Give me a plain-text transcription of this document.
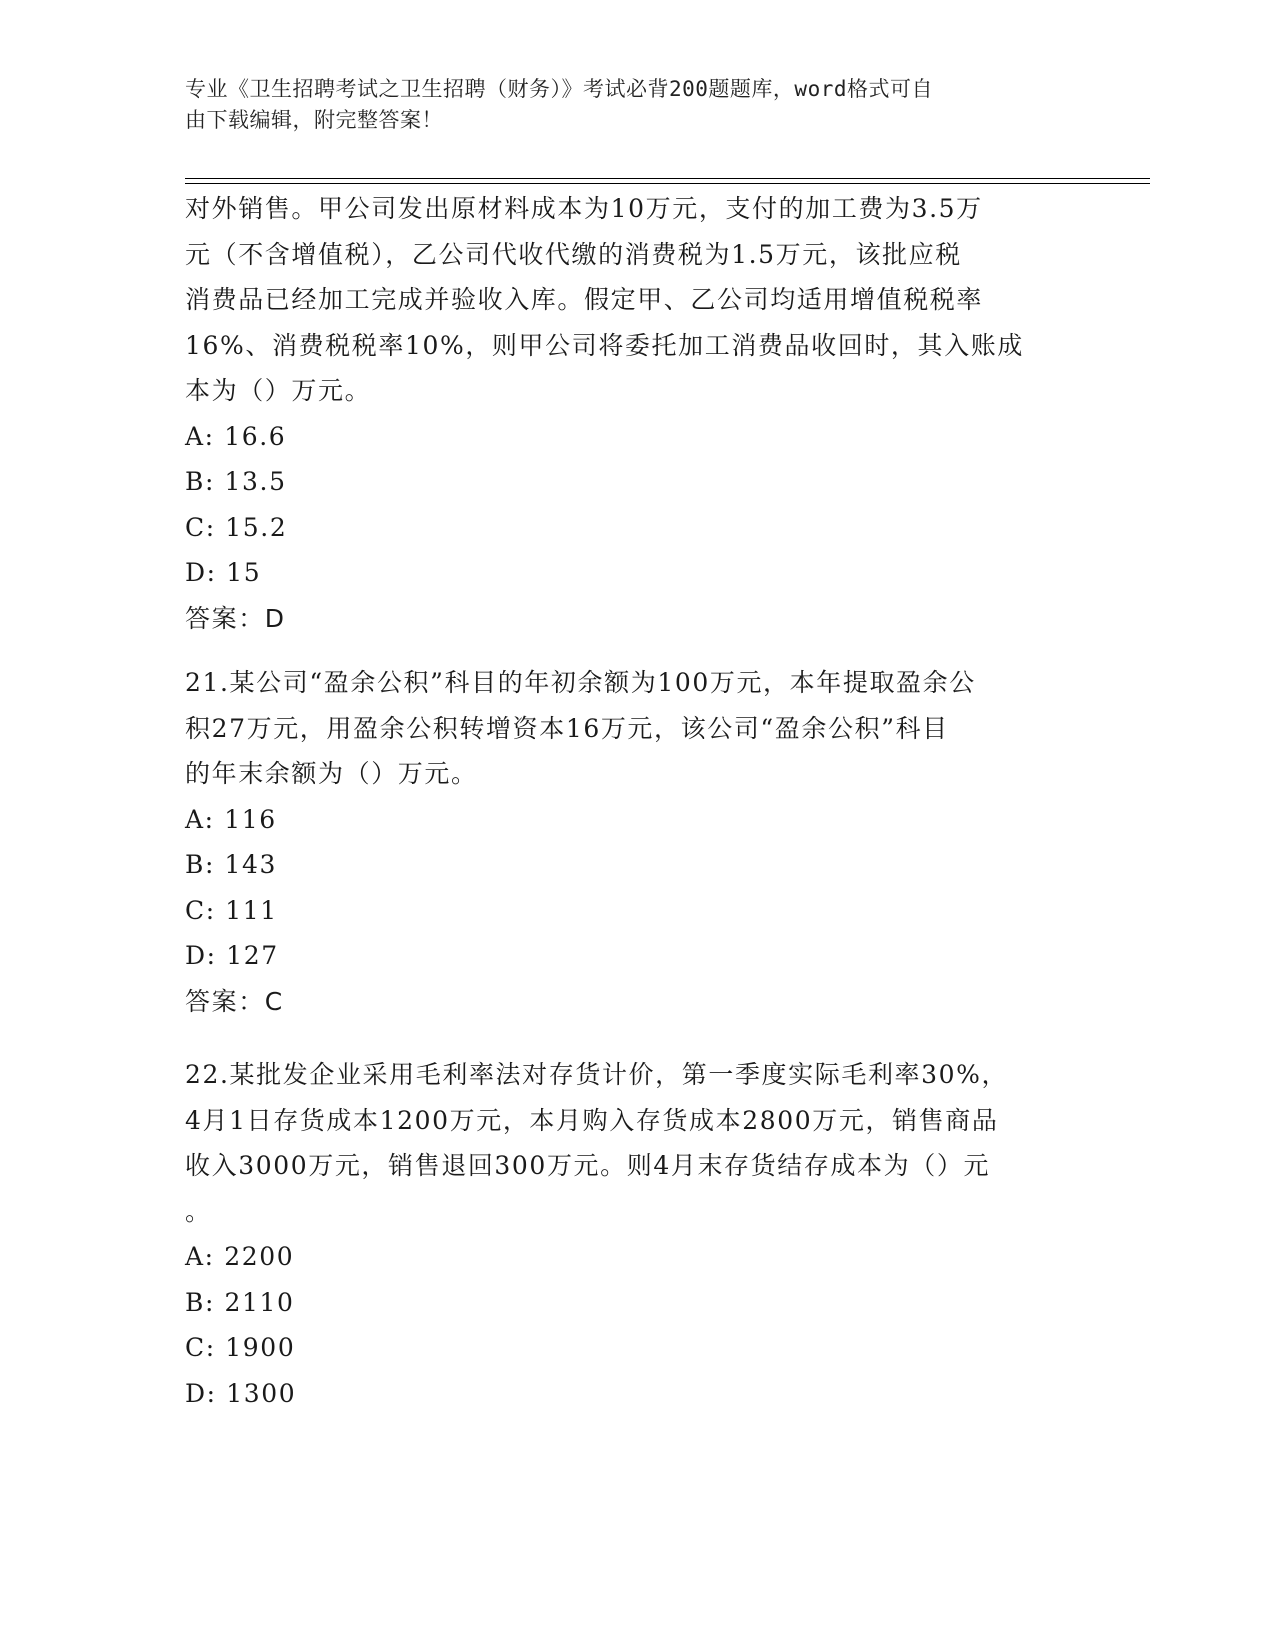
专业《卫生招聘考试之卫生招聘（财务）》考试必背200题题库，word格式可自
由下载编辑，附完整答案！

对外销售。甲公司发出原材料成本为10万元，支付的加工费为3.5万

元（不含增值税），乙公司代收代缴的消费税为1.5万元，该批应税

消费品已经加工完成并验收入库。假定甲、乙公司均适用增值税税率

16%、消费税税率10%，则甲公司将委托加工消费品收回时，其入账成

本为（）万元。

A: 16.6

B: 13.5

C: 15.2

D: 15

答案：D

21.某公司“盈余公积”科目的年初余额为100万元，本年提取盈余公

积27万元，用盈余公积转增资本16万元，该公司“盈余公积”科目

的年末余额为（）万元。

A: 116

B: 143

C: 111

D: 127

答案：C

22.某批发企业采用毛利率法对存货计价，第一季度实际毛利率30%，

4月1日存货成本1200万元，本月购入存货成本2800万元，销售商品

收入3000万元，销售退回300万元。则4月末存货结存成本为（）元

。

A: 2200

B: 2110

C: 1900

D: 1300
